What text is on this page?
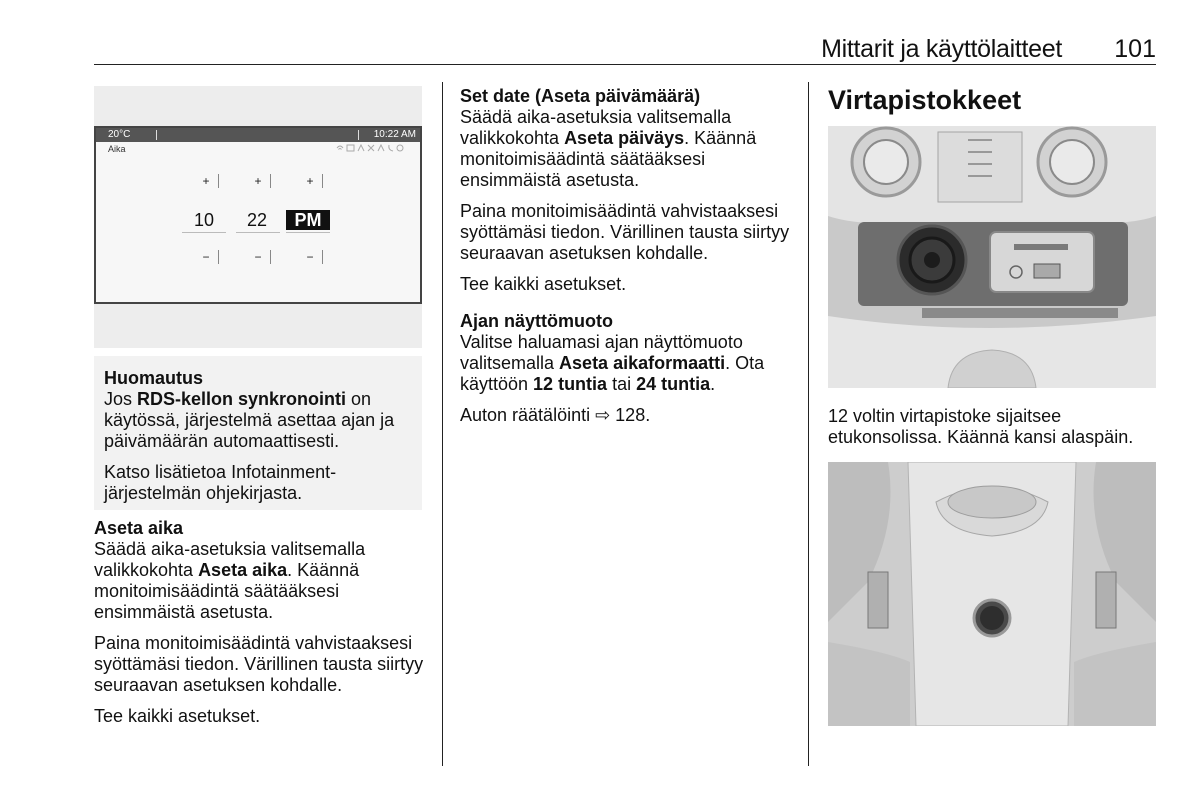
Mittarit ja käyttölaitteet	101
20°C	10:22 AM
Aika
+	+	+
10	22	PM
−	−	−

Huomautus

Jos RDS-kellon synkronointi on käytössä, järjestelmä asettaa ajan ja päivämäärän automaattisesti.

Katso lisätietoa Infotainment-järjestelmän ohjekirjasta.

Aseta aika

Säädä aika-asetuksia valitsemalla valikkokohta Aseta aika. Käännä monitoimisäädintä säätääksesi ensimmäistä asetusta.

Paina monitoimisäädintä vahvistaaksesi syöttämäsi tiedon. Värillinen tausta siirtyy seuraavan asetuksen kohdalle.

Tee kaikki asetukset.

Set date (Aseta päivämäärä)

Säädä aika-asetuksia valitsemalla valikkokohta Aseta päiväys. Käännä monitoimisäädintä säätääksesi ensimmäistä asetusta.

Paina monitoimisäädintä vahvistaaksesi syöttämäsi tiedon. Värillinen tausta siirtyy seuraavan asetuksen kohdalle.

Tee kaikki asetukset.

Ajan näyttömuoto

Valitse haluamasi ajan näyttömuoto valitsemalla Aseta aikaformaatti. Ota käyttöön 12 tuntia tai 24 tuntia.

Auton räätälöinti ⇨ 128.

Virtapistokkeet
12 voltin virtapistoke sijaitsee etukonsolissa. Käännä kansi alaspäin.
